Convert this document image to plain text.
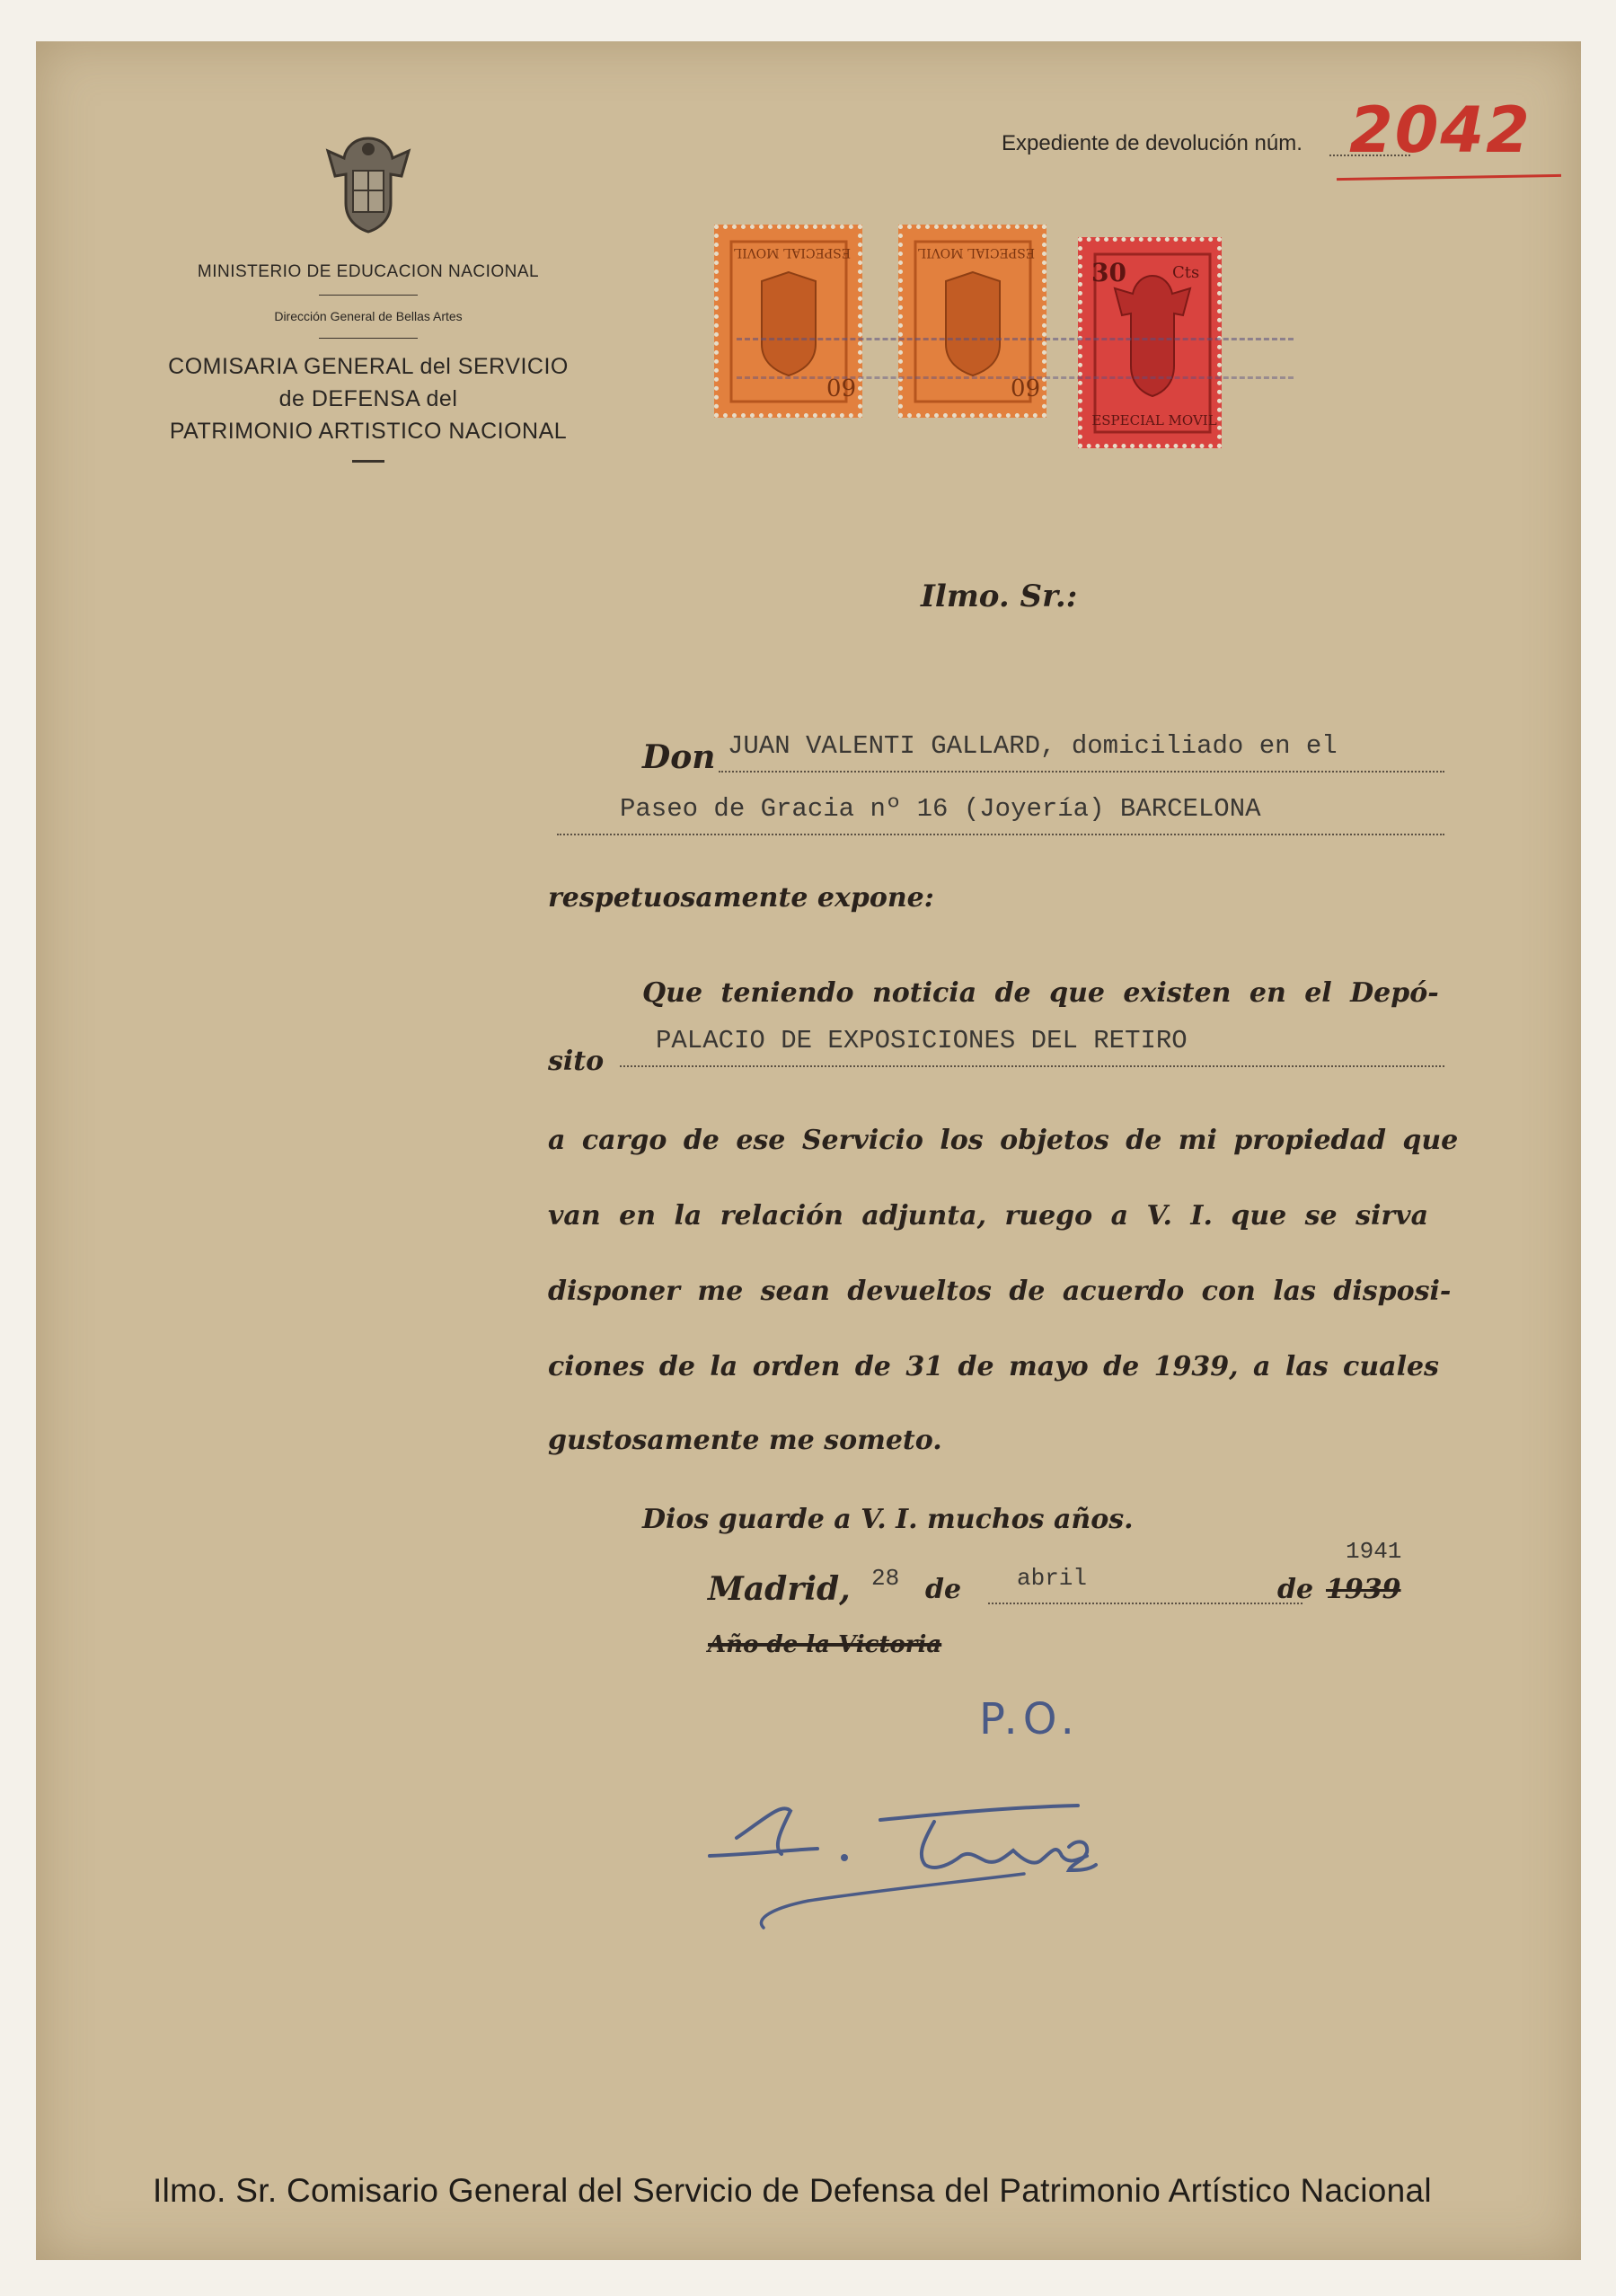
MINISTERIO DE EDUCACION NACIONAL
Dirección General de Bellas Artes
COMISARIA GENERAL del SERVICIO
de DEFENSA del
PATRIMONIO ARTISTICO NACIONAL
Expediente de devolución núm. 2042
ESPECIAL MOVIL
60
ESPECIAL MOVIL
60
30	Cts
ESPECIAL MOVIL
Ilmo. Sr.:
Don JUAN VALENTI GALLARD, domiciliado en el
Paseo de Gracia nº 16 (Joyería) BARCELONA
respetuosamente expone:
Que teniendo noticia de que existen en el Depó-
sito
PALACIO DE EXPOSICIONES DEL RETIRO
a cargo de ese Servicio los objetos de mi propiedad que
van en la relación adjunta, ruego a V. I. que se sirva
disponer me sean devueltos de acuerdo con las disposi-
ciones de la orden de 31 de mayo de 1939, a las cuales
gustosamente me someto.
Dios guarde a V. I. muchos años.
1941
Madrid, 28 de abril	de 1939
Año de la Victoria
P.O.
Ilmo. Sr. Comisario General del Servicio de Defensa del Patrimonio Artístico Nacional
